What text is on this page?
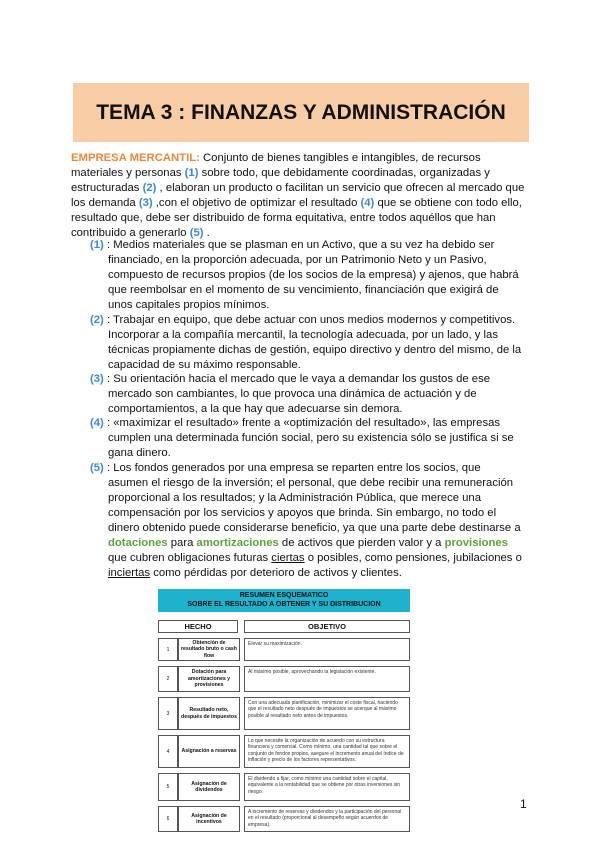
TEMA 3 : FINANZAS Y ADMINISTRACIÓN
EMPRESA MERCANTIL: Conjunto de bienes tangibles e intangibles, de recursos materiales y personas (1) sobre todo, que debidamente coordinadas, organizadas y estructuradas (2) , elaboran un producto o facilitan un servicio que ofrecen al mercado que los demanda (3) ,con el objetivo de optimizar el resultado (4) que se obtiene con todo ello, resultado que, debe ser distribuido de forma equitativa, entre todos aquéllos que han contribuido a generarlo (5) .
(1) : Medios materiales que se plasman en un Activo, que a su vez ha debido ser financiado, en la proporción adecuada, por un Patrimonio Neto y un Pasivo, compuesto de recursos propios (de los socios de la empresa) y ajenos, que habrá que reembolsar en el momento de su vencimiento, financiación que exigirá de unos capitales propios mínimos.
(2) : Trabajar en equipo, que debe actuar con unos medios modernos y competitivos. Incorporar a la compañía mercantil, la tecnología adecuada, por un lado, y las técnicas propiamente dichas de gestión, equipo directivo y dentro del mismo, de la capacidad de su máximo responsable.
(3) : Su orientación hacia el mercado que le vaya a demandar los gustos de ese mercado son cambiantes, lo que provoca una dinámica de actuación y de comportamientos, a la que hay que adecuarse sin demora.
(4) : «maximizar el resultado» frente a «optimización del resultado», las empresas cumplen una determinada función social, pero su existencia sólo se justifica si se gana dinero.
(5) : Los fondos generados por una empresa se reparten entre los socios, que asumen el riesgo de la inversión; el personal, que debe recibir una remuneración proporcional a los resultados; y la Administración Pública, que merece una compensación por los servicios y apoyos que brinda. Sin embargo, no todo el dinero obtenido puede considerarse beneficio, ya que una parte debe destinarse a dotaciones para amortizaciones de activos que pierden valor y a provisiones que cubren obligaciones futuras ciertas o posibles, como pensiones, jubilaciones o inciertas como pérdidas por deterioro de activos y clientes.
RESUMEN ESQUEMATICO
SOBRE EL RESULTADO A OBTENER Y SU DISTRIBUCION
HECHO	OBJETIVO
1
Obtención de resultado bruto o cash flow
Elevar su maximización.
2
Dotación para amortizaciones y provisiones
Al máximo posible, aprovechando la legislación existente.
3
Resultado neto, después de impuestos
Con una adecuada planificación, minimizar el coste fiscal, haciendo que el resultado neto después de impuestos se acerque al máximo posible al resultado neto antes de impuestos.
4	Asignación a reservas
Lo que necesite la organización de acuerdo con su estructura financiera y comercial. Como mínimo, una cantidad tal que sobre el conjunto de fondos propios, asegure el incremento anual del índice de inflación y precio de los factores representativos.
5
Asignación de dividendos
El dividendo a fijar, como mínimo una cantidad sobre el capital, equivalente a la rentabilidad que se obtiene por otras inversiones sin riesgo.
6
Asignación de incentivos
A incremento de reservas y dividendos y la participación del personal en el resultado (proporcional al desempeño según acuerdos de empresa).
1
